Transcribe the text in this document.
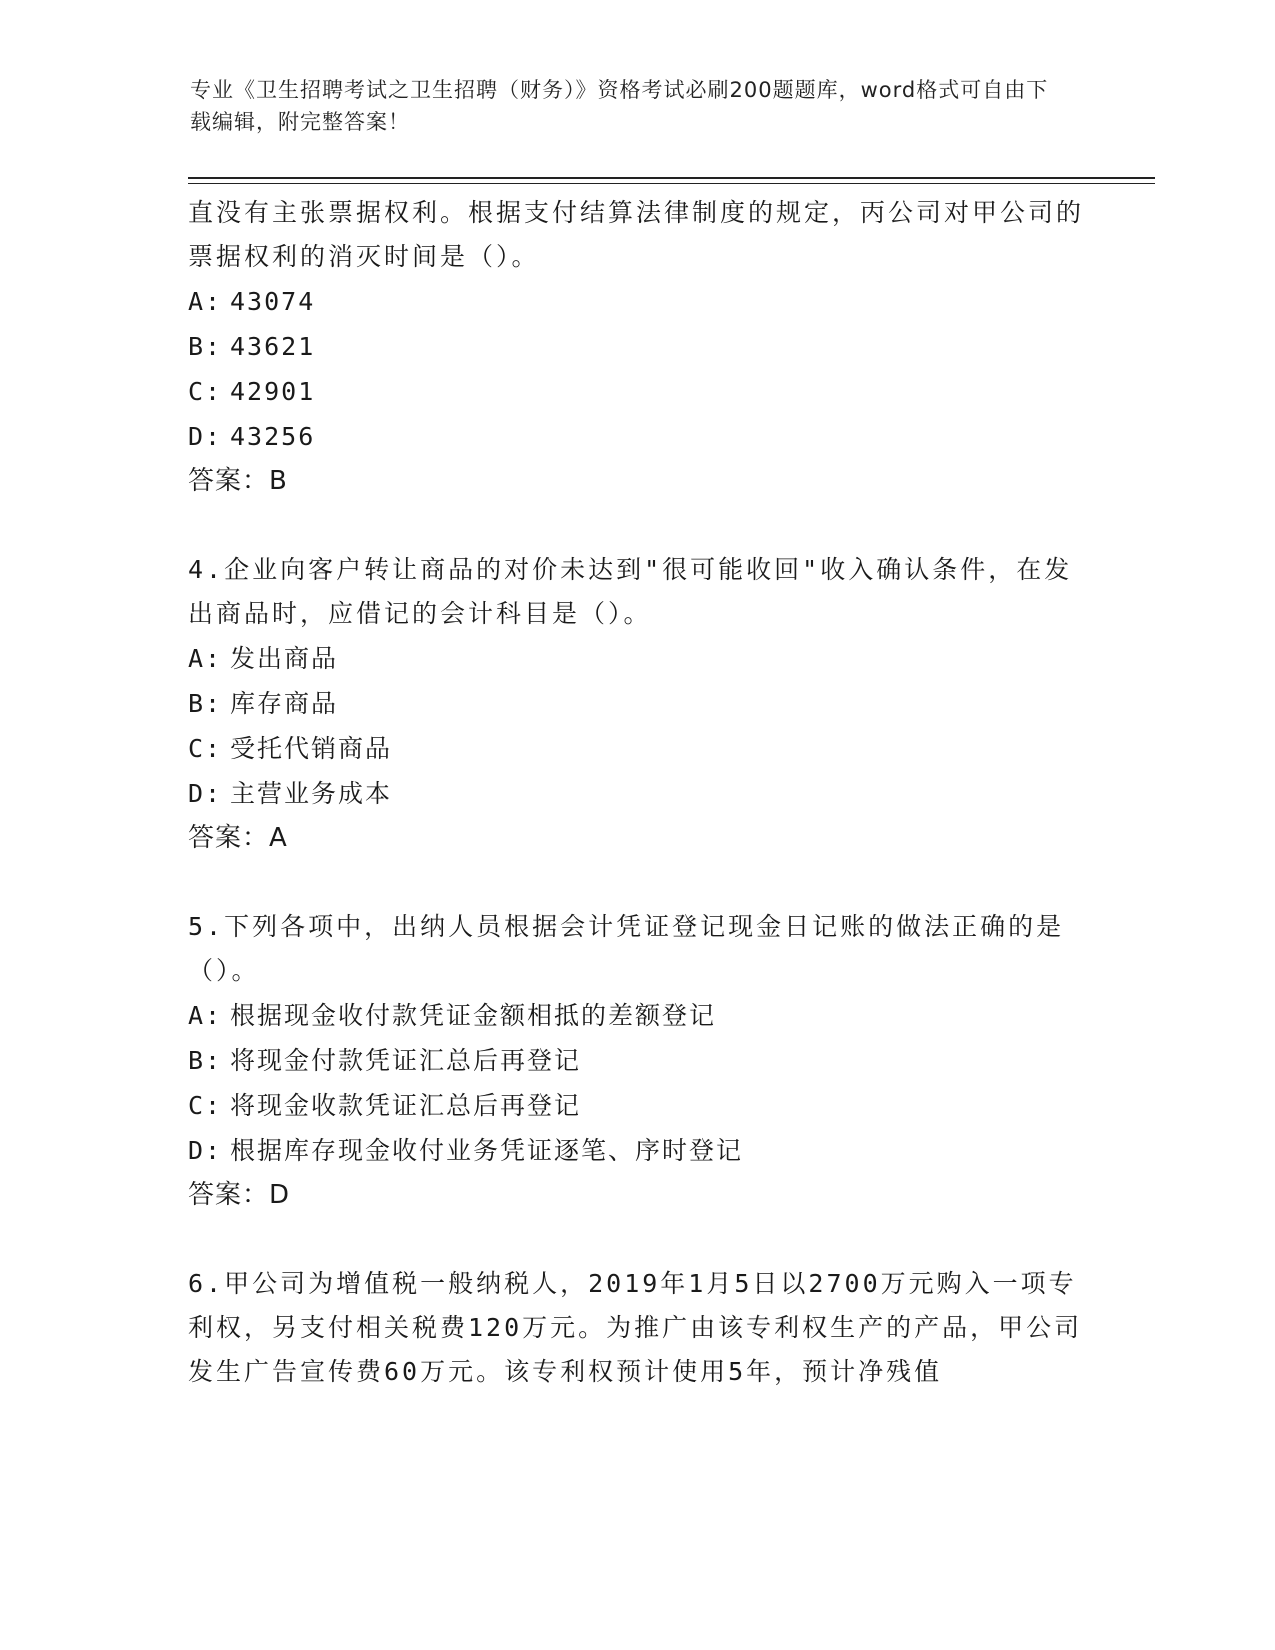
专业《卫生招聘考试之卫生招聘（财务）》资格考试必刷200题题库，word格式可自由下载编辑，附完整答案！

直没有主张票据权利。根据支付结算法律制度的规定，丙公司对甲公司的票据权利的消灭时间是（）。

A: 43074
B: 43621
C: 42901
D: 43256
答案：B

4.企业向客户转让商品的对价未达到"很可能收回"收入确认条件，在发出商品时，应借记的会计科目是（）。

A: 发出商品
B: 库存商品
C: 受托代销商品
D: 主营业务成本
答案：A

5.下列各项中，出纳人员根据会计凭证登记现金日记账的做法正确的是（）。

A: 根据现金收付款凭证金额相抵的差额登记
B: 将现金付款凭证汇总后再登记
C: 将现金收款凭证汇总后再登记
D: 根据库存现金收付业务凭证逐笔、序时登记
答案：D

6.甲公司为增值税一般纳税人，2019年1月5日以2700万元购入一项专利权，另支付相关税费120万元。为推广由该专利权生产的产品，甲公司发生广告宣传费60万元。该专利权预计使用5年，预计净残值
